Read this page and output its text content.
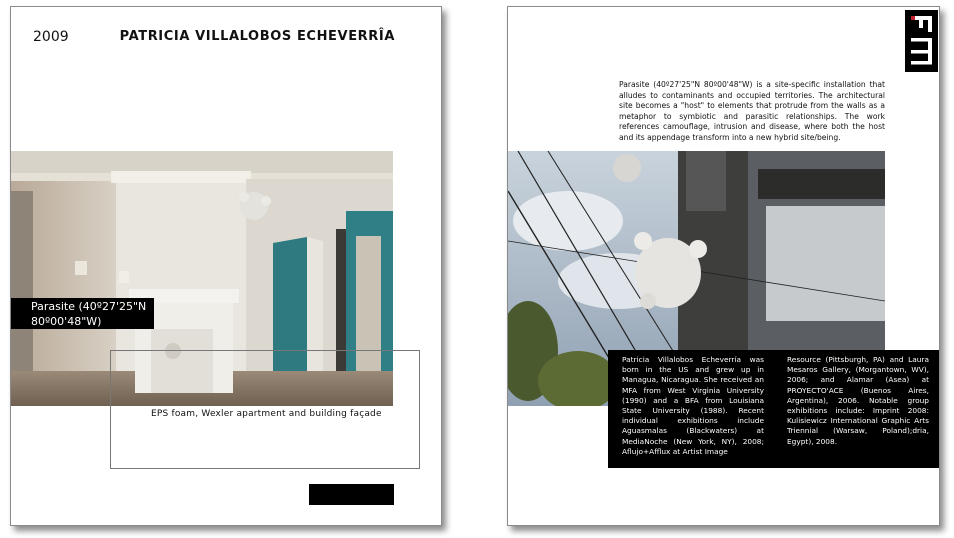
2009	PATRICIA VILLALOBOS ECHEVERRÎA
Parasite (40º27'25"N
80º00'48"W)
EPS foam, Wexler apartment and building façade
Parasite (40º27'25"N 80º00'48"W) is a site-specific installation that alludes to contaminants and occupied territories. The architectural site becomes a "host" to elements that protrude from the walls as a metaphor to symbiotic and parasitic relationships. The work references camouflage, intrusion and disease, where both the host and its appendage transform into a new hybrid site/being.
Patricia Villalobos Echeverría was born in the US and grew up in Managua, Nicaragua. She received an MFA from West Virginia University (1990) and a BFA from Louisiana State University (1988). Recent individual exhibitions include Aguasmalas (Blackwaters) at MediaNoche (New York, NY), 2008; Aflujo+Afflux at Artist Image
Resource (Pittsburgh, PA) and Laura Mesaros Gallery, (Morgantown, WV), 2006; and Alamar (Asea) at PROYECTO'ACE (Buenos Aires, Argentina), 2006. Notable group exhibitions include: Imprint 2008: Kulisiewicz International Graphic Arts Triennial (Warsaw, Poland);dria, Egypt), 2008.
